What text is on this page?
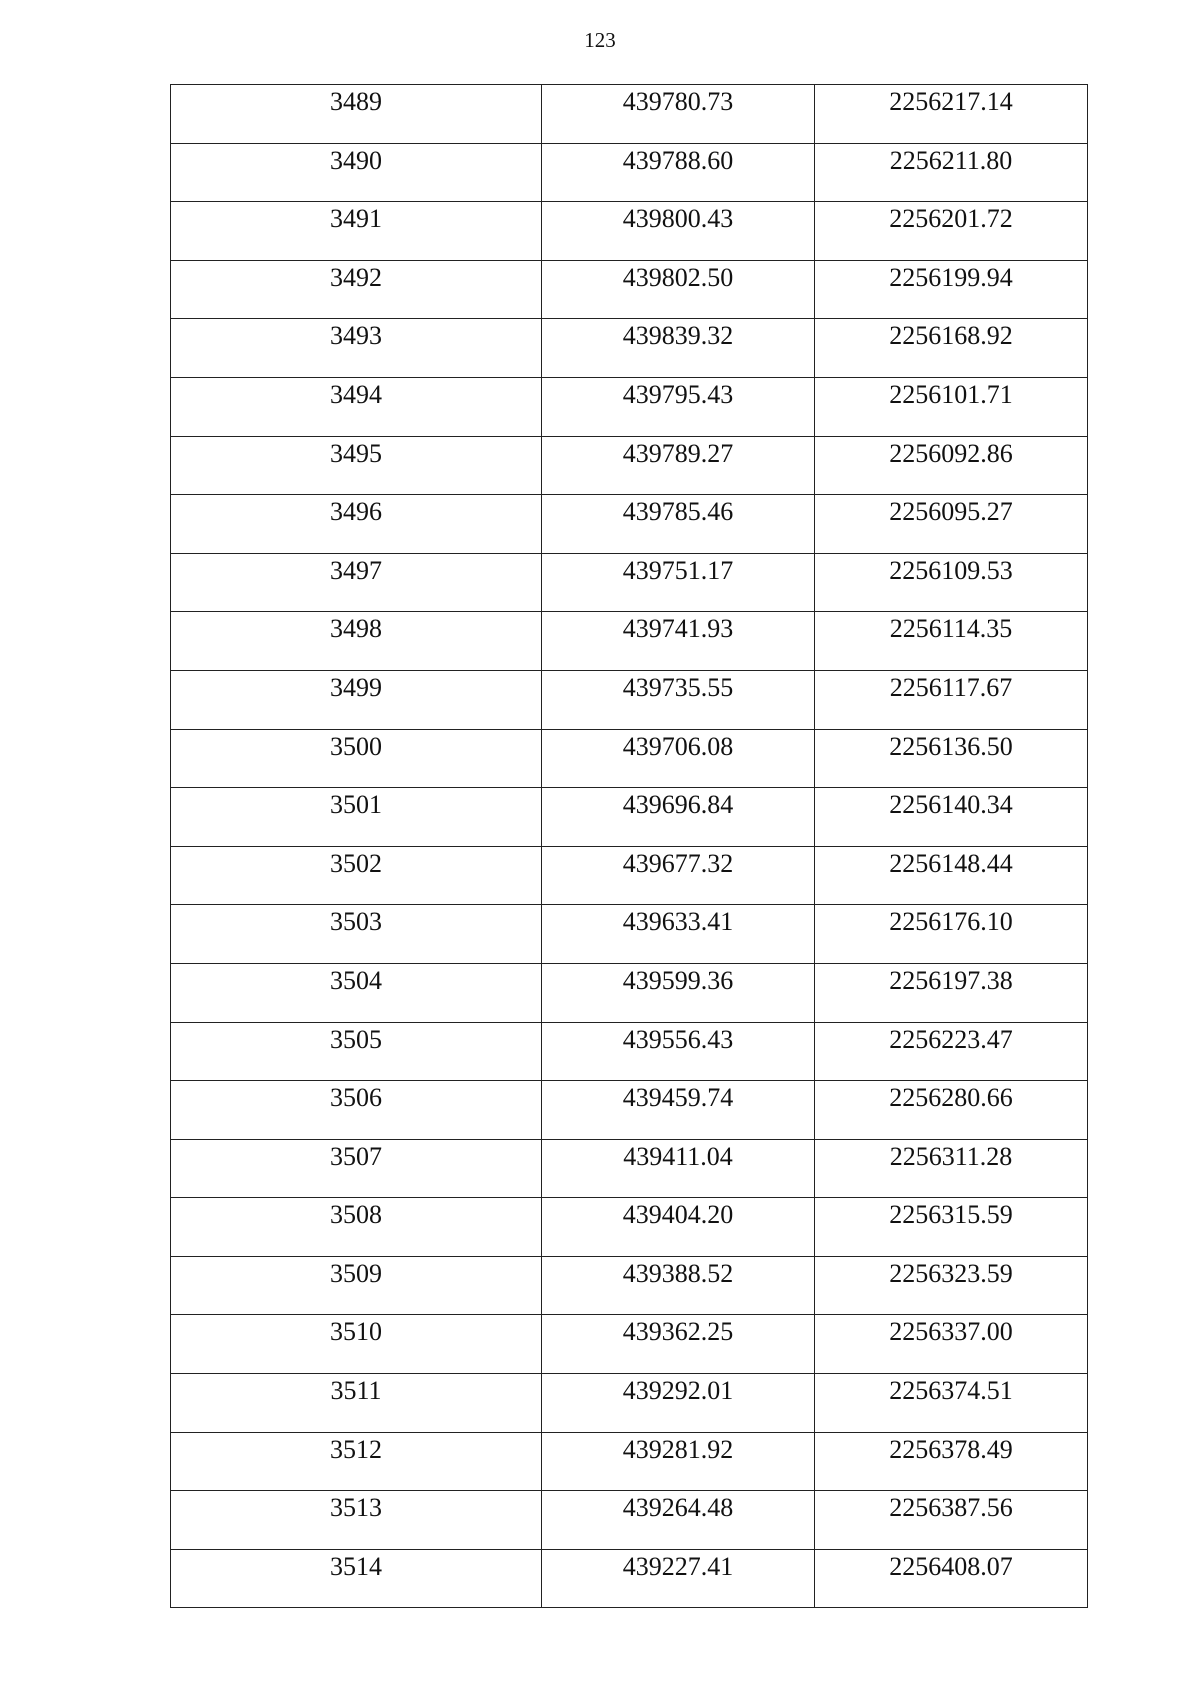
123
3489	439780.73	2256217.14

3490	439788.60	2256211.80

3491	439800.43	2256201.72

3492	439802.50	2256199.94

3493	439839.32	2256168.92

3494	439795.43	2256101.71

3495	439789.27	2256092.86

3496	439785.46	2256095.27

3497	439751.17	2256109.53

3498	439741.93	2256114.35

3499	439735.55	2256117.67

3500	439706.08	2256136.50

3501	439696.84	2256140.34

3502	439677.32	2256148.44

3503	439633.41	2256176.10

3504	439599.36	2256197.38

3505	439556.43	2256223.47

3506	439459.74	2256280.66

3507	439411.04	2256311.28

3508	439404.20	2256315.59

3509	439388.52	2256323.59

3510	439362.25	2256337.00

3511	439292.01	2256374.51

3512	439281.92	2256378.49

3513	439264.48	2256387.56

3514	439227.41	2256408.07
